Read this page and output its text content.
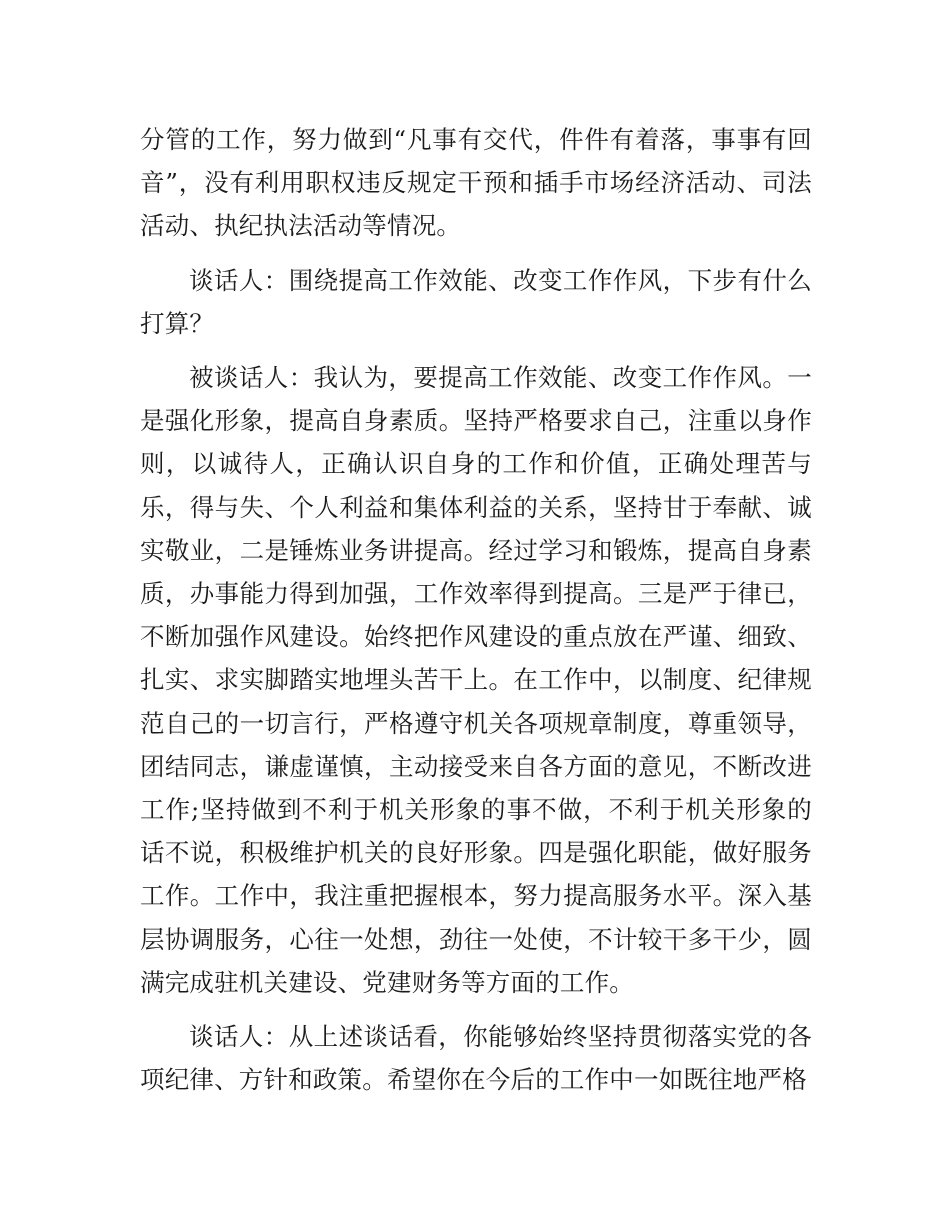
分管的工作，努力做到“凡事有交代，件件有着落，事事有回音”，没有利用职权违反规定干预和插手市场经济活动、司法活动、执纪执法活动等情况。

谈话人：围绕提高工作效能、改变工作作风，下步有什么打算？

被谈话人：我认为，要提高工作效能、改变工作作风。一是强化形象，提高自身素质。坚持严格要求自己，注重以身作则，以诚待人，正确认识自身的工作和价值，正确处理苦与乐，得与失、个人利益和集体利益的关系，坚持甘于奉献、诚实敬业，二是锤炼业务讲提高。经过学习和锻炼，提高自身素质，办事能力得到加强，工作效率得到提高。三是严于律已，不断加强作风建设。始终把作风建设的重点放在严谨、细致、扎实、求实脚踏实地埋头苦干上。在工作中，以制度、纪律规范自己的一切言行，严格遵守机关各项规章制度，尊重领导，团结同志，谦虚谨慎，主动接受来自各方面的意见，不断改进工作;坚持做到不利于机关形象的事不做，不利于机关形象的话不说，积极维护机关的良好形象。四是强化职能，做好服务工作。工作中，我注重把握根本，努力提高服务水平。深入基层协调服务，心往一处想，劲往一处使，不计较干多干少，圆满完成驻机关建设、党建财务等方面的工作。

谈话人：从上述谈话看，你能够始终坚持贯彻落实党的各项纪律、方针和政策。希望你在今后的工作中一如既往地严格
